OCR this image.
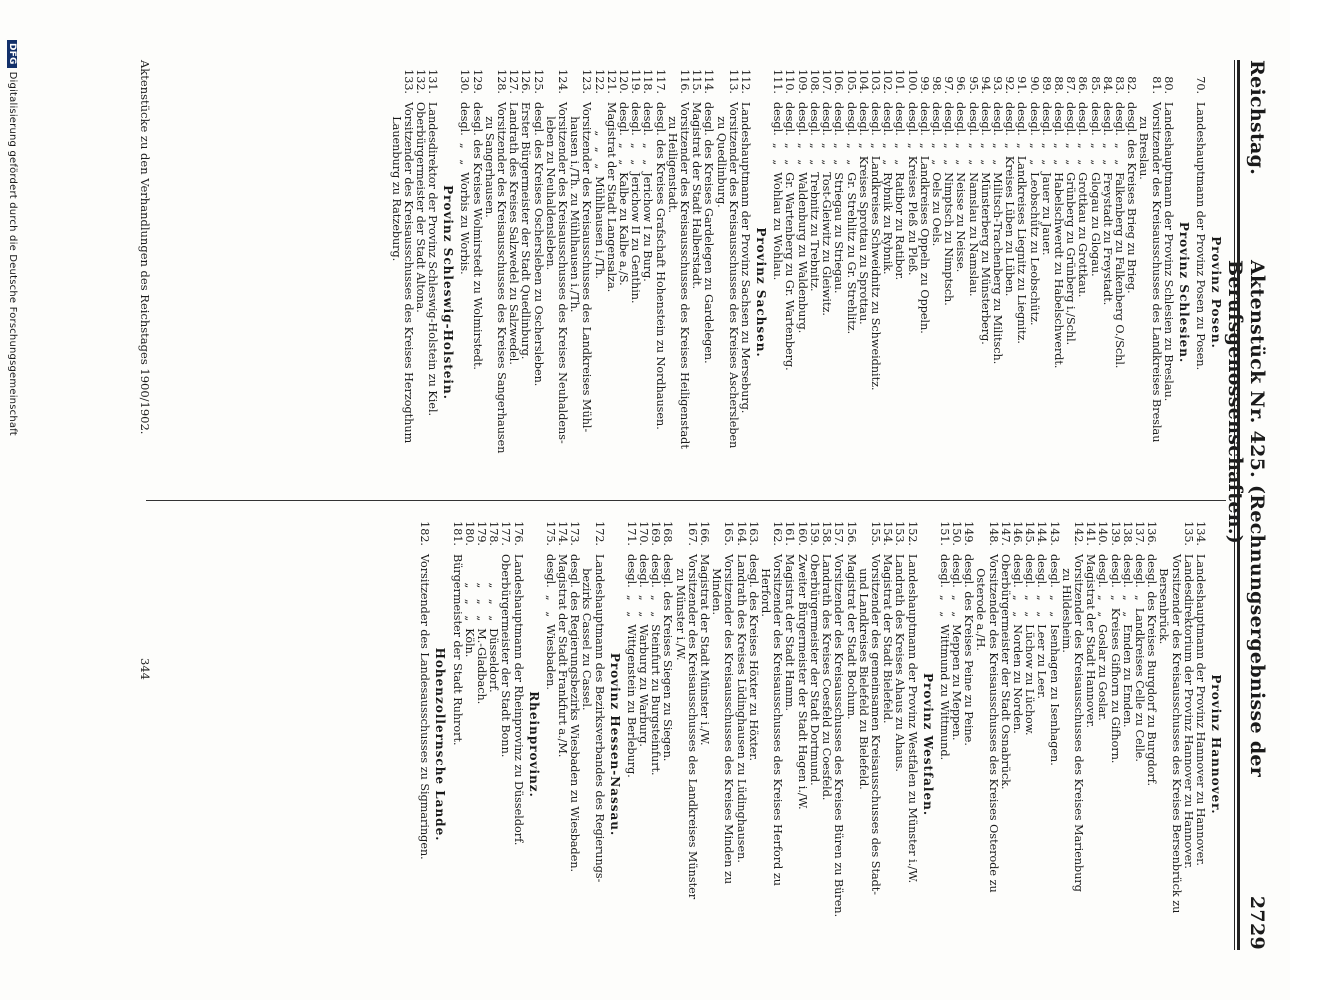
Reichstag.
Aktenstück Nr. 425. (Rechnungsergebnisse der Berufsgenossenschaften.)
2729
Provinz Posen.
70.
Landeshauptmann der Provinz Posen zu Posen.
Provinz Schlesien.
80.
Landeshauptmann der Provinz Schlesien zu Breslau.
81.
Vorsitzender des Kreisausschusses des Landkreises Breslau
zu Breslau.
82.
desgl. des Kreises Brieg zu Brieg.
83.
desgl.  „   „  Falkenberg zu Falkenberg O./Schl.
84.
desgl.  „   „  Freystadt zu Freystadt.
85.
desgl.  „   „  Glogau zu Glogau.
86.
desgl.  „   „  Grottkau zu Grottkau.
87.
desgl.  „   „  Grünberg zu Grünberg i./Schl.
88.
desgl.  „   „  Habelschwerdt zu Habelschwerdt.
89.
desgl.  „   „  Jauer zu Jauer.
90.
desgl.  „   „  Leobschütz zu Leobschütz.
91.
desgl.  „  Landkreises Liegnitz zu Liegnitz.
92.
desgl.  „  Kreises Lüben zu Lüben.
93.
desgl.  „   „  Militsch-Trachenberg zu Militsch.
94.
desgl.  „   „  Münsterberg zu Münsterberg.
95.
desgl.  „   „  Namslau zu Namslau.
96.
desgl.  „   „  Neisse zu Neisse.
97.
desgl.  „   „  Nimptsch zu Nimptsch.
98.
desgl.  „   „  Oels zu Oels.
99.
desgl.  „  Landkreises Oppeln zu Oppeln.
100.
desgl.  „  Kreises Pleß zu Pleß.
101.
desgl.  „   „  Ratibor zu Ratibor.
102.
desgl.  „   „  Rybnik zu Rybnik.
103.
desgl.  „  Landkreises Schweidnitz zu Schweidnitz.
104.
desgl.  „  Kreises Sprottau zu Sprottau.
105.
desgl.  „   „  Gr. Strehlitz zu Gr. Strehlitz.
106.
desgl.  „   „  Striegau zu Striegau.
107.
desgl.  „   „  Tost-Gleiwitz zu Gleiwitz.
108.
desgl.  „   „  Trebnitz zu Trebnitz.
109.
desgl.  „   „  Waldenburg zu Waldenburg.
110.
desgl.  „   „  Gr. Wartenberg zu Gr. Wartenberg.
111.
desgl.  „   „  Wohlau zu Wohlau.
Provinz Sachsen.
112.
Landeshauptmann der Provinz Sachsen zu Merseburg.
113.
Vorsitzender des Kreisausschusses des Kreises Aschersleben
zu Quedlinburg.
114.
desgl. des Kreises Gardelegen zu Gardelegen.
115.
Magistrat der Stadt Halberstadt.
116.
Vorsitzender des Kreisausschusses des Kreises Heiligenstadt
zu Heiligenstadt.
117.
desgl. des Kreises Grafschaft Hohenstein zu Nordhausen.
118.
desgl.  „   „  Jerichow I zu Burg.
119.
desgl.  „   „  Jerichow II zu Genthin.
120.
desgl.  „   „  Kalbe zu Kalbe a./S.
121.
Magistrat der Stadt Langensalza.
122.
„   „   „  Mühlhausen i./Th.
123.
Vorsitzender des Kreisausschusses des Landkreises Mühl-
hausen i./Th. zu Mühlhausen i./Th.
124.
Vorsitzender des Kreisausschusses des Kreises Neuhaldens-
leben zu Neuhaldensleben.
125.
desgl. des Kreises Oschersleben zu Oschersleben.
126.
Erster Bürgermeister der Stadt Quedlinburg.
127.
Landrath des Kreises Salzwedel zu Salzwedel.
128.
Vorsitzender des Kreisausschusses des Kreises Sangerhausen
zu Sangerhausen.
129.
desgl. des Kreises Wolmirstedt zu Wolmirstedt.
130.
desgl.  „   „  Worbis zu Worbis.
Provinz Schleswig-Holstein.
131.
Landesdirektor der Provinz Schleswig-Holstein zu Kiel.
132.
Oberbürgermeister der Stadt Altona.
133.
Vorsitzender des Kreisausschusses des Kreises Herzogthum
Lauenburg zu Ratzeburg.
Provinz Hannover.
134.
Landeshauptmann der Provinz Hannover zu Hannover.
135.
Landesdirektorium der Provinz Hannover zu Hannover.
Vorsitzender des Kreisausschusses des Kreises Bersenbrück zu
Bersenbrück.
136.
desgl. des Kreises Burgdorf zu Burgdorf.
137.
desgl.  „  Landkreises Celle zu Celle.
138.
desgl.  „   „  Emden zu Emden.
139.
desgl.  „  Kreises Gifhorn zu Gifhorn.
140.
desgl.  „   „  Goslar zu Goslar.
141.
Magistrat der Stadt Hannover.
142.
Vorsitzender des Kreisausschusses des Kreises Marienburg
zu Hildesheim.
143.
desgl.  „   „  Isenhagen zu Isenhagen.
144.
desgl.  „   „  Leer zu Leer.
145.
desgl.  „   „  Lüchow zu Lüchow.
146.
desgl.  „   „  Norden zu Norden.
147.
Oberbürgermeister der Stadt Osnabrück.
148.
Vorsitzender des Kreisausschusses des Kreises Osterode zu
Osterode a./H.
149.
desgl. des Kreises Peine zu Peine.
150.
desgl.  „   „  Meppen zu Meppen.
151.
desgl.  „   „  Wittmund zu Wittmund.
Provinz Westfalen.
152.
Landeshauptmann der Provinz Westfalen zu Münster i./W.
153.
Landrath des Kreises Ahaus zu Ahaus.
154.
Magistrat der Stadt Bielefeld.
155.
Vorsitzender des gemeinsamen Kreisausschusses des Stadt-
und Landkreises Bielefeld zu Bielefeld.
156.
Magistrat der Stadt Bochum.
157.
Vorsitzender des Kreisausschusses des Kreises Büren zu Büren.
158.
Landrath des Kreises Coesfeld zu Coesfeld.
159.
Oberbürgermeister der Stadt Dortmund.
160.
Zweiter Bürgermeister der Stadt Hagen i./W.
161.
Magistrat der Stadt Hamm.
162.
Vorsitzender des Kreisausschusses des Kreises Herford zu
Herford.
163.
desgl. des Kreises Höxter zu Höxter.
164.
Landrath des Kreises Lüdinghausen zu Lüdinghausen.
165.
Vorsitzender des Kreisausschusses des Kreises Minden zu
Minden.
166.
Magistrat der Stadt Münster i./W.
167.
Vorsitzender des Kreisausschusses des Landkreises Münster
zu Münster i./W.
168.
desgl. des Kreises Siegen zu Siegen.
169.
desgl.  „   „  Steinfurt zu Burgsteinfurt.
170.
desgl.  „   „  Warburg zu Warburg.
171.
desgl.  „   „  Wittgenstein zu Berleburg.
Provinz Hessen-Nassau.
172.
Landeshauptmann des Bezirksverbandes des Regierungs-
bezirks Cassel zu Cassel.
173.
desgl. des Regierungsbezirks Wiesbaden zu Wiesbaden.
174.
Magistrat der Stadt Frankfurt a./M.
175.
desgl.  „   „  Wiesbaden.
Rheinprovinz.
176.
Landeshauptmann der Rheinprovinz zu Düsseldorf.
177.
Oberbürgermeister der Stadt Bonn.
178.
„   „   „  Düsseldorf.
179.
„   „   „  M.-Gladbach.
180.
„   „   „  Köln.
181.
Bürgermeister der Stadt Ruhrort.
Hohenzollernsche Lande.
182.
Vorsitzender des Landesausschusses zu Sigmaringen.
Aktenstücke zu den Verhandlungen des Reichstages 1900/1902.
344
DFGDigitalisierung gefördert durch die Deutsche Forschungsgemeinschaft
